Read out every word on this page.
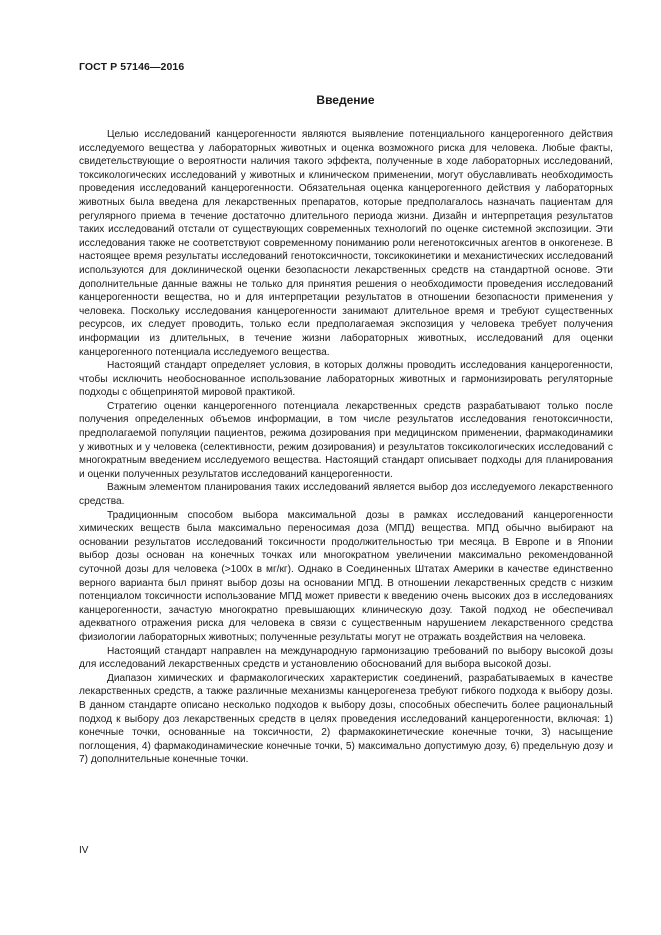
ГОСТ Р 57146—2016
Введение

Целью исследований канцерогенности являются выявление потенциального канцерогенного действия исследуемого вещества у лабораторных животных и оценка возможного риска для человека. Любые факты, свидетельствующие о вероятности наличия такого эффекта, полученные в ходе лабораторных исследований, токсикологических исследований у животных и клиническом применении, могут обуславливать необходимость проведения исследований канцерогенности. Обязательная оценка канцерогенного действия у лабораторных животных была введена для лекарственных препаратов, которые предполагалось назначать пациентам для регулярного приема в течение достаточно длительного периода жизни. Дизайн и интерпретация результатов таких исследований отстали от существующих современных технологий по оценке системной экспозиции. Эти исследования также не соответствуют современному пониманию роли негенотоксичных агентов в онкогенезе. В настоящее время результаты исследований генотоксичности, токсикокинетики и механистических исследований используются для доклинической оценки безопасности лекарственных средств на стандартной основе. Эти дополнительные данные важны не только для принятия решения о необходимости проведения исследований канцерогенности вещества, но и для интерпретации результатов в отношении безопасности применения у человека. Поскольку исследования канцерогенности занимают длительное время и требуют существенных ресурсов, их следует проводить, только если предполагаемая экспозиция у человека требует получения информации из длительных, в течение жизни лабораторных животных, исследований для оценки канцерогенного потенциала исследуемого вещества.

Настоящий стандарт определяет условия, в которых должны проводить исследования канцерогенности, чтобы исключить необоснованное использование лабораторных животных и гармонизировать регуляторные подходы с общепринятой мировой практикой.

Стратегию оценки канцерогенного потенциала лекарственных средств разрабатывают только после получения определенных объемов информации, в том числе результатов исследования генотоксичности, предполагаемой популяции пациентов, режима дозирования при медицинском применении, фармакодинамики у животных и у человека (селективности, режим дозирования) и результатов токсикологических исследований с многократным введением исследуемого вещества. Настоящий стандарт описывает подходы для планирования и оценки полученных результатов исследований канцерогенности.

Важным элементом планирования таких исследований является выбор доз исследуемого лекарственного средства.

Традиционным способом выбора максимальной дозы в рамках исследований канцерогенности химических веществ была максимально переносимая доза (МПД) вещества. МПД обычно выбирают на основании результатов исследований токсичности продолжительностью три месяца. В Европе и в Японии выбор дозы основан на конечных точках или многократном увеличении максимально рекомендованной суточной дозы для человека (>100х в мг/кг). Однако в Соединенных Штатах Америки в качестве единственно верного варианта был принят выбор дозы на основании МПД. В отношении лекарственных средств с низким потенциалом токсичности использование МПД может привести к введению очень высоких доз в исследованиях канцерогенности, зачастую многократно превышающих клиническую дозу. Такой подход не обеспечивал адекватного отражения риска для человека в связи с существенным нарушением лекарственного средства физиологии лабораторных животных; полученные результаты могут не отражать воздействия на человека.

Настоящий стандарт направлен на международную гармонизацию требований по выбору высокой дозы для исследований лекарственных средств и установлению обоснований для выбора высокой дозы.

Диапазон химических и фармакологических характеристик соединений, разрабатываемых в качестве лекарственных средств, а также различные механизмы канцерогенеза требуют гибкого подхода к выбору дозы. В данном стандарте описано несколько подходов к выбору дозы, способных обеспечить более рациональный подход к выбору доз лекарственных средств в целях проведения исследований канцерогенности, включая: 1) конечные точки, основанные на токсичности, 2) фармакокинетические конечные точки, 3) насыщение поглощения, 4) фармакодинамические конечные точки, 5) максимально допустимую дозу, 6) предельную дозу и 7) дополнительные конечные точки.

IV
